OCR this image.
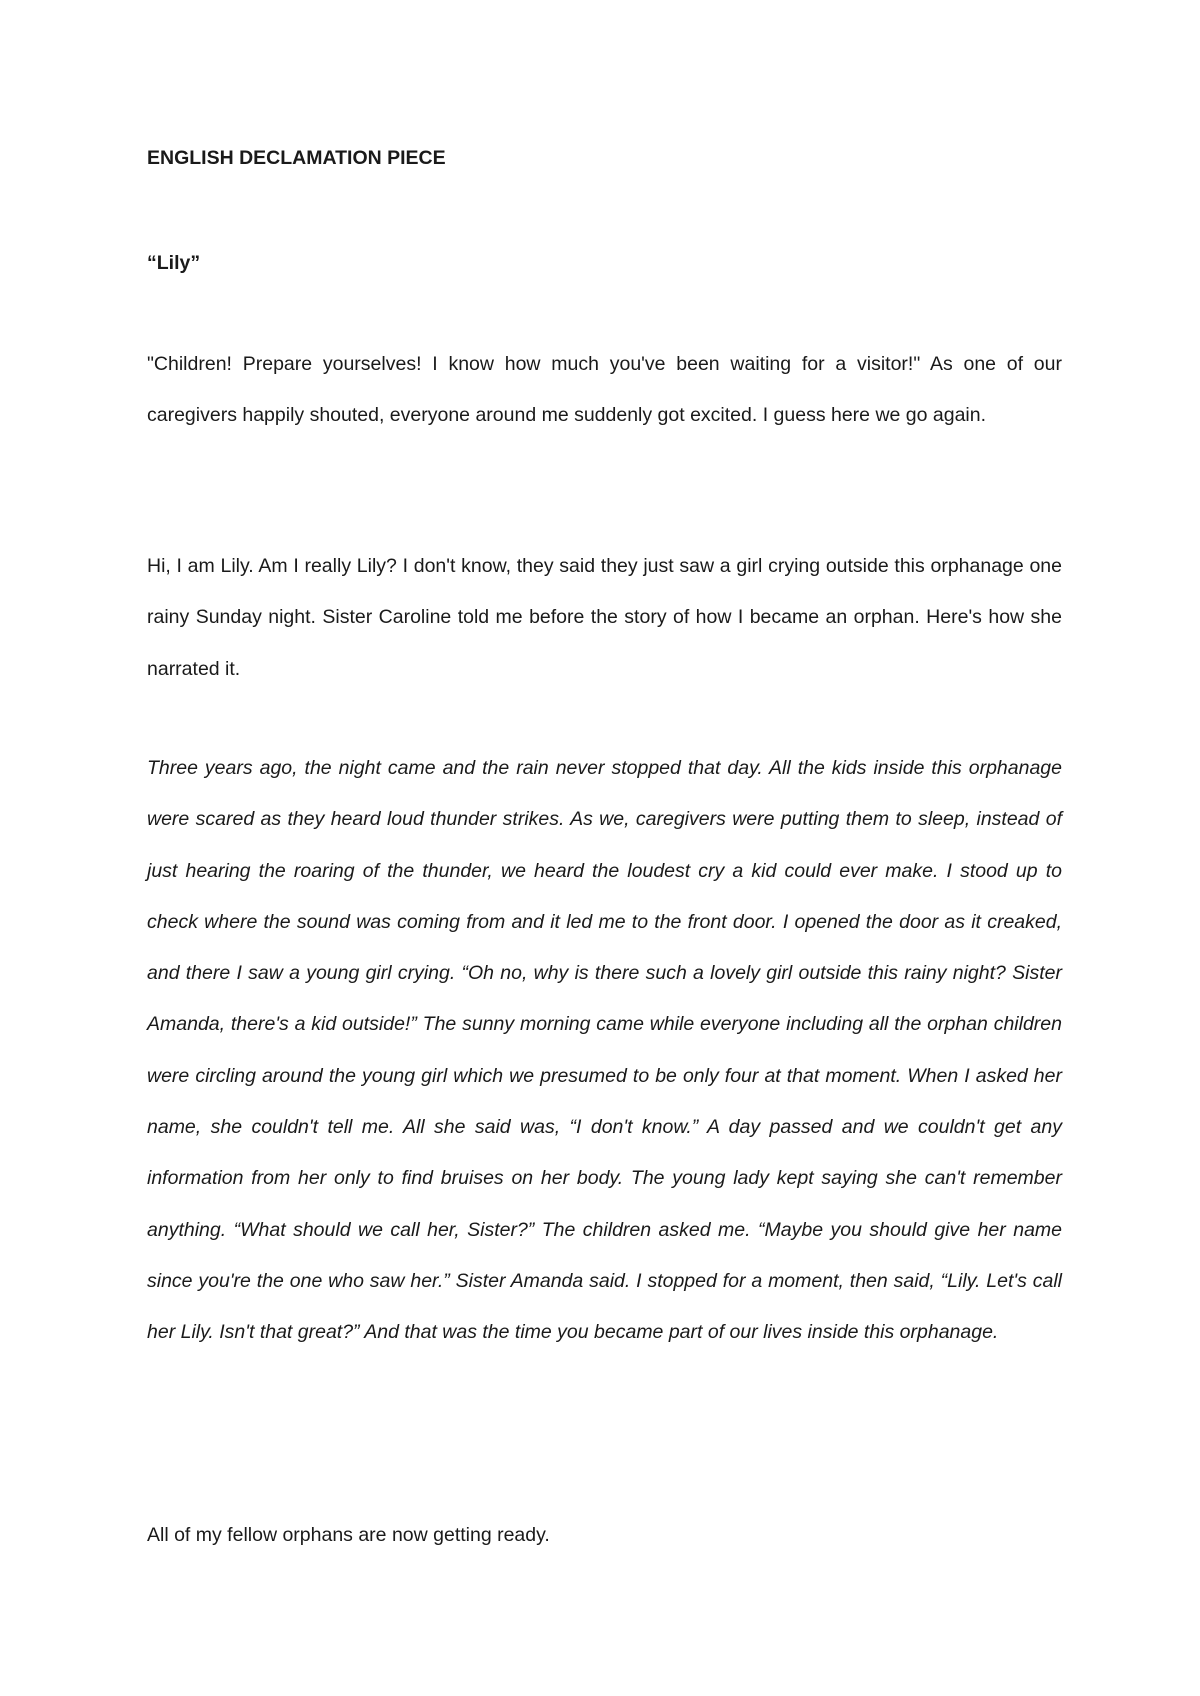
ENGLISH DECLAMATION PIECE
“Lily”

"Children! Prepare yourselves! I know how much you've been waiting for a visitor!" As one of our caregivers happily shouted, everyone around me suddenly got excited. I guess here we go again.

Hi, I am Lily. Am I really Lily? I don't know, they said they just saw a girl crying outside this orphanage one rainy Sunday night. Sister Caroline told me before the story of how I became an orphan. Here's how she narrated it.

Three years ago, the night came and the rain never stopped that day. All the kids inside this orphanage were scared as they heard loud thunder strikes. As we, caregivers were putting them to sleep, instead of just hearing the roaring of the thunder, we heard the loudest cry a kid could ever make. I stood up to check where the sound was coming from and it led me to the front door. I opened the door as it creaked, and there I saw a young girl crying. “Oh no, why is there such a lovely girl outside this rainy night? Sister Amanda, there's a kid outside!” The sunny morning came while everyone including all the orphan children were circling around the young girl which we presumed to be only four at that moment. When I asked her name, she couldn't tell me. All she said was, “I don't know.” A day passed and we couldn't get any information from her only to find bruises on her body. The young lady kept saying she can't remember anything. “What should we call her, Sister?” The children asked me. “Maybe you should give her name since you're the one who saw her.” Sister Amanda said. I stopped for a moment, then said, “Lily. Let's call her Lily. Isn't that great?” And that was the time you became part of our lives inside this orphanage.

All of my fellow orphans are now getting ready.
